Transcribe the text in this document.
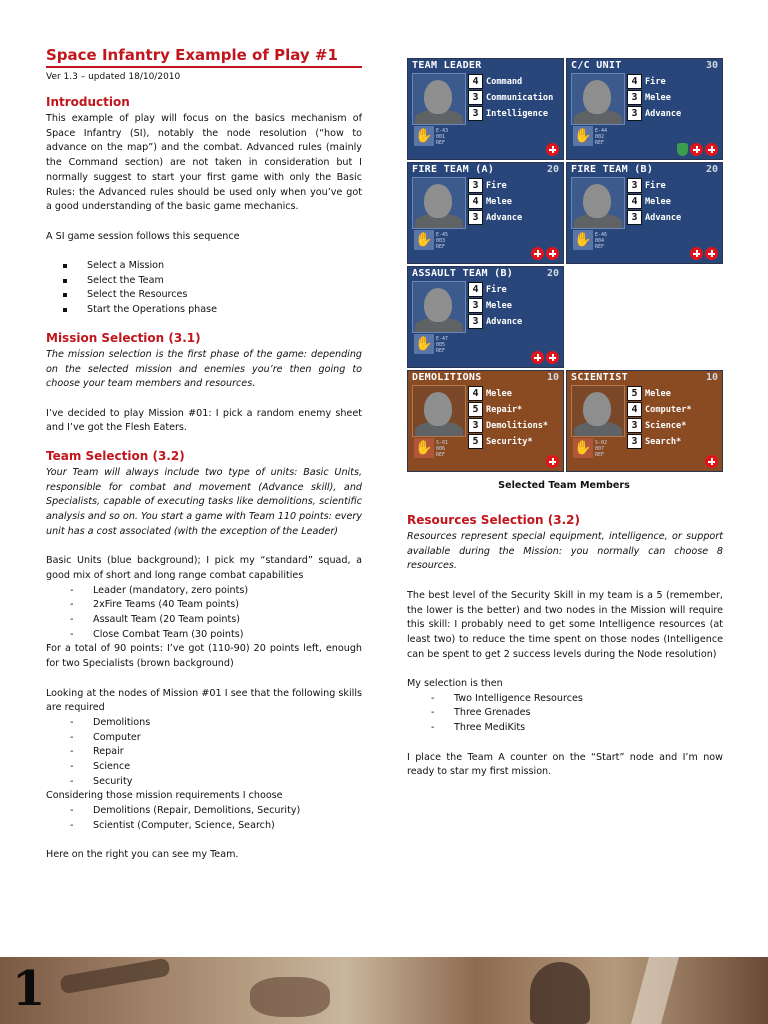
Space Infantry Example of Play #1
Ver 1.3 – updated 18/10/2010
Introduction

This example of play will focus on the basics mechanism of Space Infantry (SI), notably the node resolution (“how to advance on the map”) and the combat. Advanced rules (mainly the Command section) are not taken in consideration but I normally suggest to start your first game with only the Basic Rules: the Advanced rules should be used only when you’ve got a good understanding of the basic game mechanics.

A SI game session follows this sequence

Select a Mission
Select the Team
Select the Resources
Start the Operations phase
Mission Selection (3.1)

The mission selection is the first phase of the game: depending on the selected mission and enemies you’re then going to choose your team members and resources.

I’ve decided to play Mission #01: I pick a random enemy sheet and I’ve got the Flesh Eaters.

Team Selection (3.2)

Your Team will always include two type of units: Basic Units, responsible for combat and movement (Advance skill), and Specialists, capable of executing tasks like demolitions, scientific analysis and so on. You start a game with Team 110 points: every unit has a cost associated (with the exception of the Leader)

Basic Units (blue background); I pick my “standard” squad, a good mix of short and long range combat capabilities

- Leader (mandatory, zero points)
- 2xFire Teams (40 Team points)
- Assault Team (20 Team points)
- Close Combat Team (30 points)

For a total of 90 points: I’ve got (110-90) 20 points left, enough for two Specialists (brown background)

Looking at the nodes of Mission #01 I see that the following skills are required

- Demolitions
- Computer
- Repair
- Science
- Security

Considering those mission requirements I choose

- Demolitions (Repair, Demolitions, Security)
- Scientist (Computer, Science, Search)

Here on the right you can see my Team.

TEAM LEADER
4 Command
3 Communication
3 Intelligence
✋ E-43
001
REF
C/C UNIT	30
4 Fire
3 Melee
3 Advance
✋ E-44
002
REF
FIRE TEAM (A)	20
3 Fire
4 Melee
3 Advance
✋ E-45
003
REF
FIRE TEAM (B)	20
3 Fire
4 Melee
3 Advance
✋ E-46
004
REF
ASSAULT TEAM (B)	20
4 Fire
3 Melee
3 Advance
✋ E-47
005
REF
DEMOLITIONS	10
4 Melee
5 Repair*
3 Demolitions*
5 Security*
✋ S-01
006
REF
SCIENTIST	10
5 Melee
4 Computer*
3 Science*
3 Search*
✋ S-02
007
REF
Selected Team Members
Resources Selection (3.2)

Resources represent special equipment, intelligence, or support available during the Mission: you normally can choose 8 resources.

The best level of the Security Skill in my team is a 5 (remember, the lower is the better) and two nodes in the Mission will require this skill: I probably need to get some Intelligence resources (at least two) to reduce the time spent on those nodes (Intelligence can be spent to get 2 success levels during the Node resolution)

My selection is then

- Two Intelligence Resources
- Three Grenades
- Three MediKits

I place the Team A counter on the “Start” node and I’m now ready to star my first mission.

1
